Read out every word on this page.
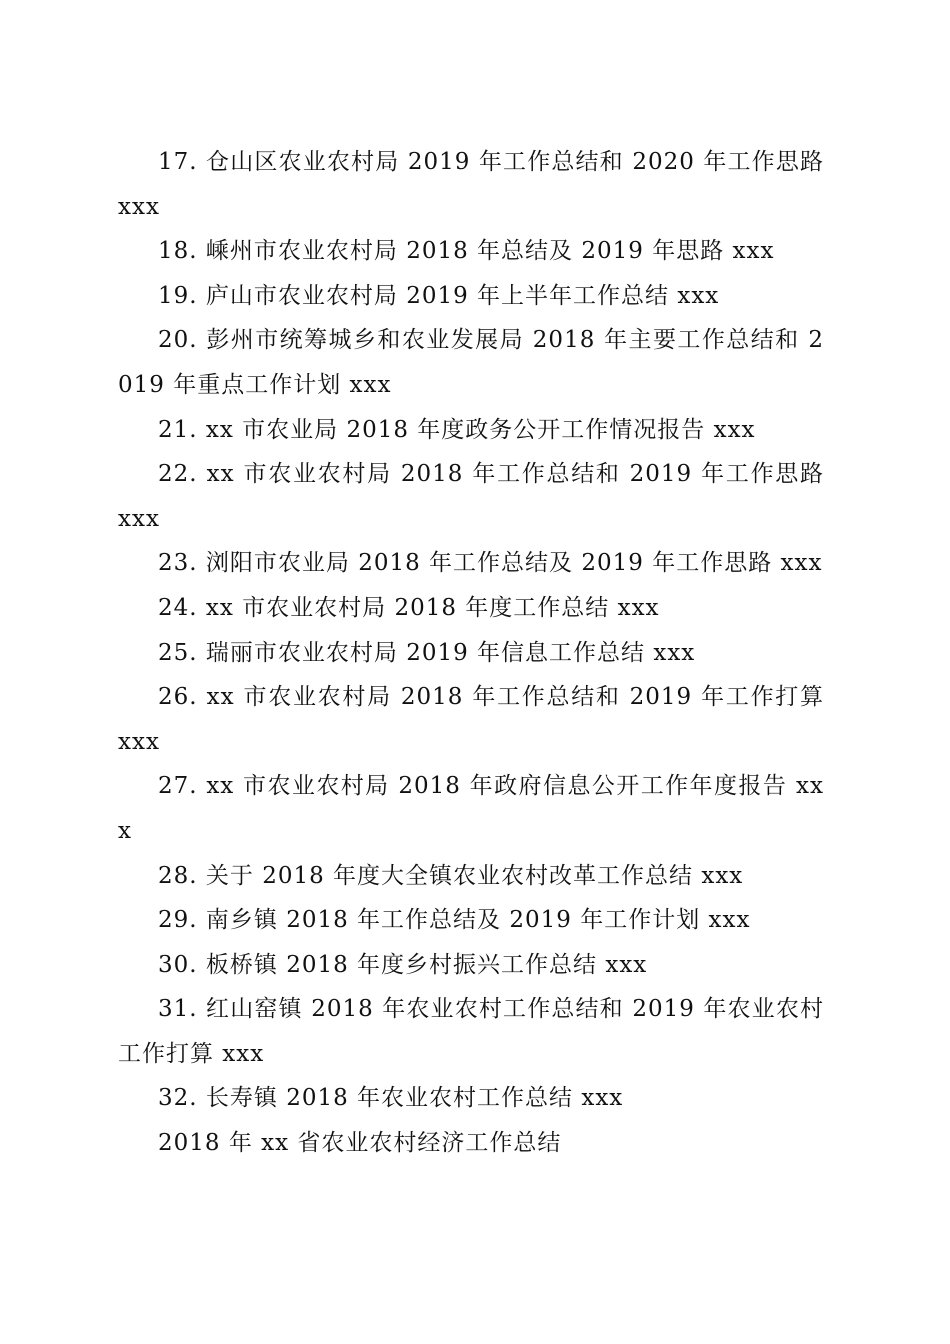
17. 仓山区农业农村局 2019 年工作总结和 2020 年工作思路 xxx

18. 嵊州市农业农村局 2018 年总结及 2019 年思路 xxx

19. 庐山市农业农村局 2019 年上半年工作总结 xxx

20. 彭州市统筹城乡和农业发展局 2018 年主要工作总结和 2019 年重点工作计划 xxx

21. xx 市农业局 2018 年度政务公开工作情况报告 xxx

22. xx 市农业农村局 2018 年工作总结和 2019 年工作思路 xxx

23. 浏阳市农业局 2018 年工作总结及 2019 年工作思路 xxx

24. xx 市农业农村局 2018 年度工作总结 xxx

25. 瑞丽市农业农村局 2019 年信息工作总结 xxx

26. xx 市农业农村局 2018 年工作总结和 2019 年工作打算 xxx

27. xx 市农业农村局 2018 年政府信息公开工作年度报告 xxx

28. 关于 2018 年度大全镇农业农村改革工作总结 xxx

29. 南乡镇 2018 年工作总结及 2019 年工作计划 xxx

30. 板桥镇 2018 年度乡村振兴工作总结 xxx

31. 红山窑镇 2018 年农业农村工作总结和 2019 年农业农村工作打算 xxx

32. 长寿镇 2018 年农业农村工作总结 xxx

2018 年 xx 省农业农村经济工作总结
